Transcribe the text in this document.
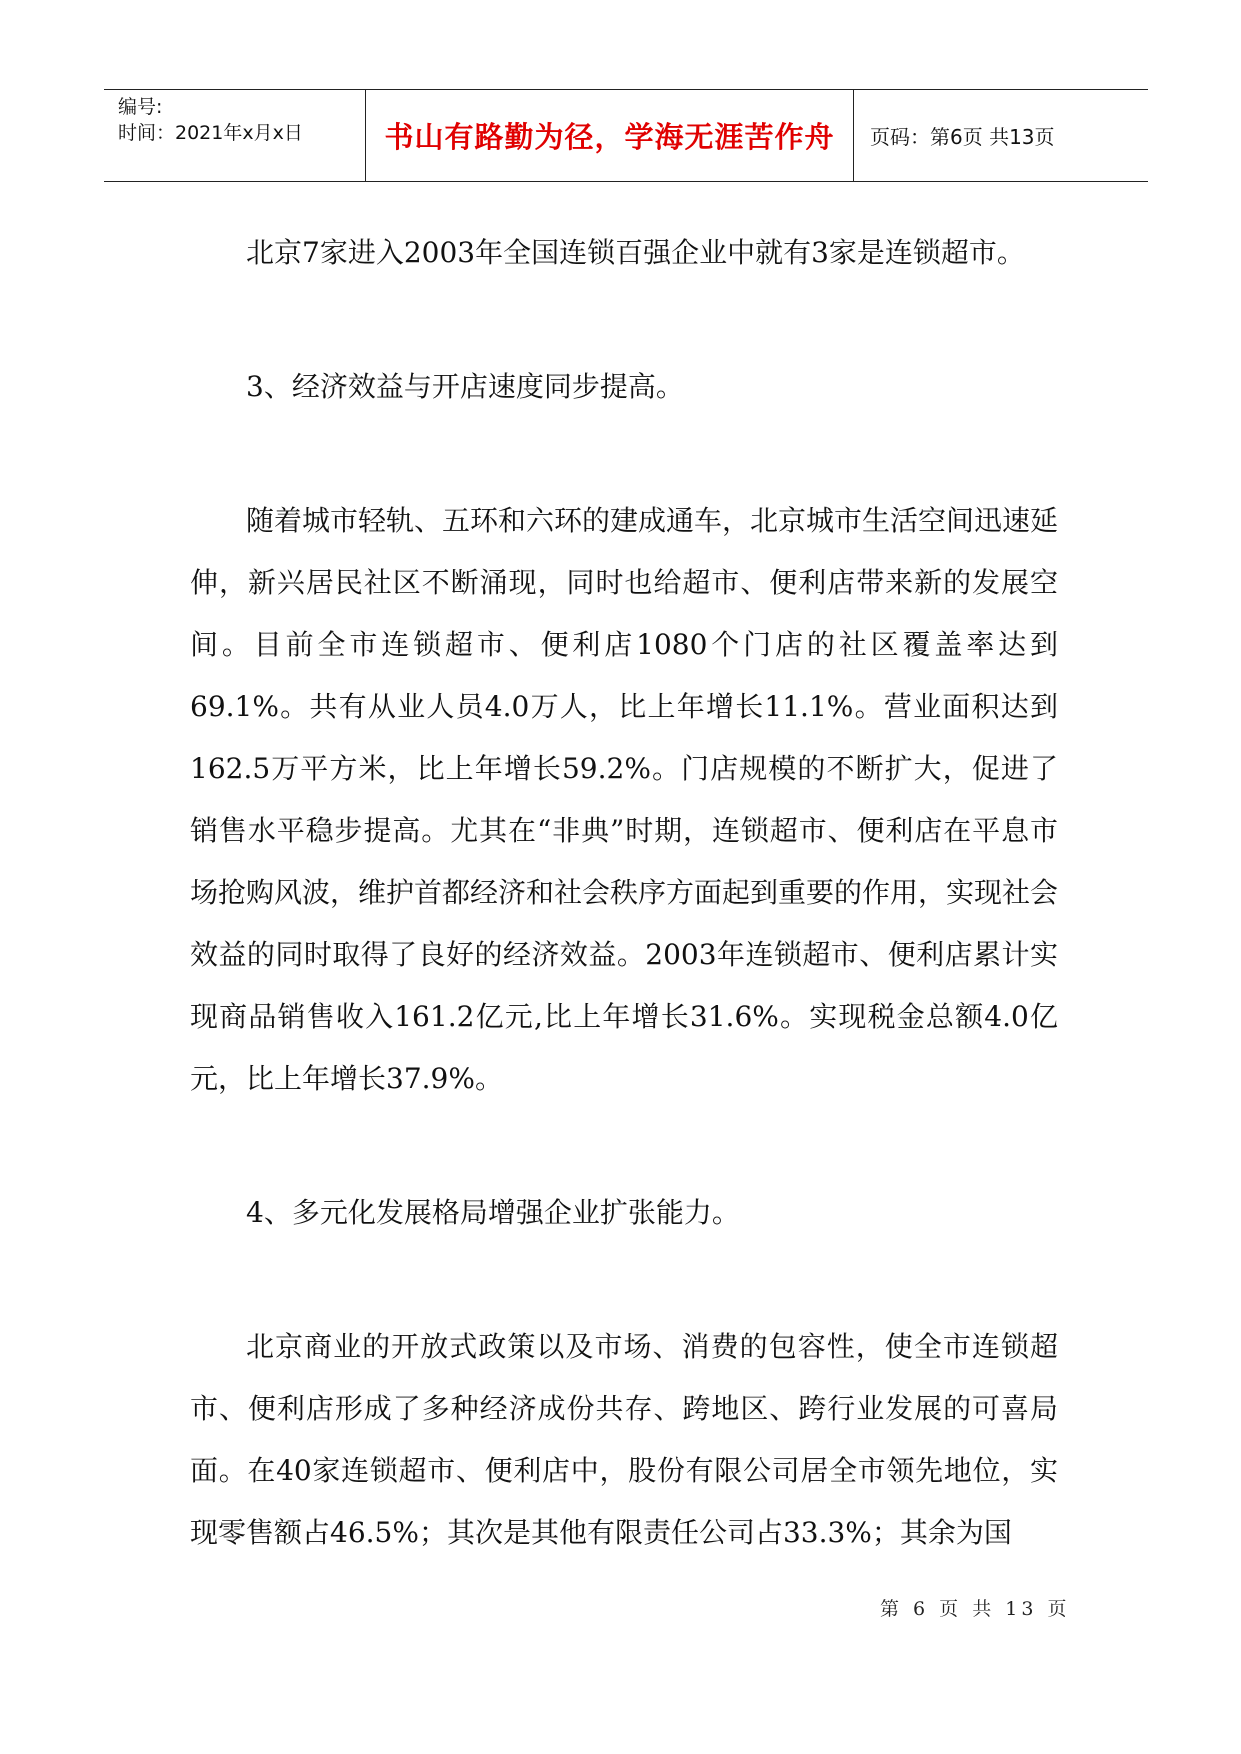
编号:
时间：2021年x月x日	书山有路勤为径，学海无涯苦作舟 页码：第6页 共13页

北京7家进入2003年全国连锁百强企业中就有3家是连锁超市。

3、经济效益与开店速度同步提高。

随着城市轻轨、五环和六环的建成通车，北京城市生活空间迅速延伸，新兴居民社区不断涌现，同时也给超市、便利店带来新的发展空间。目前全市连锁超市、便利店1080个门店的社区覆盖率达到69.1%。共有从业人员4.0万人，比上年增长11.1%。营业面积达到162.5万平方米，比上年增长59.2%。门店规模的不断扩大，促进了销售水平稳步提高。尤其在“非典”时期，连锁超市、便利店在平息市场抢购风波，维护首都经济和社会秩序方面起到重要的作用，实现社会效益的同时取得了良好的经济效益。2003年连锁超市、便利店累计实现商品销售收入161.2亿元,比上年增长31.6%。实现税金总额4.0亿元，比上年增长37.9%。

4、多元化发展格局增强企业扩张能力。

北京商业的开放式政策以及市场、消费的包容性，使全市连锁超市、便利店形成了多种经济成份共存、跨地区、跨行业发展的可喜局面。在40家连锁超市、便利店中，股份有限公司居全市领先地位，实现零售额占46.5%；其次是其他有限责任公司占33.3%；其余为国

第 6 页 共 13 页
